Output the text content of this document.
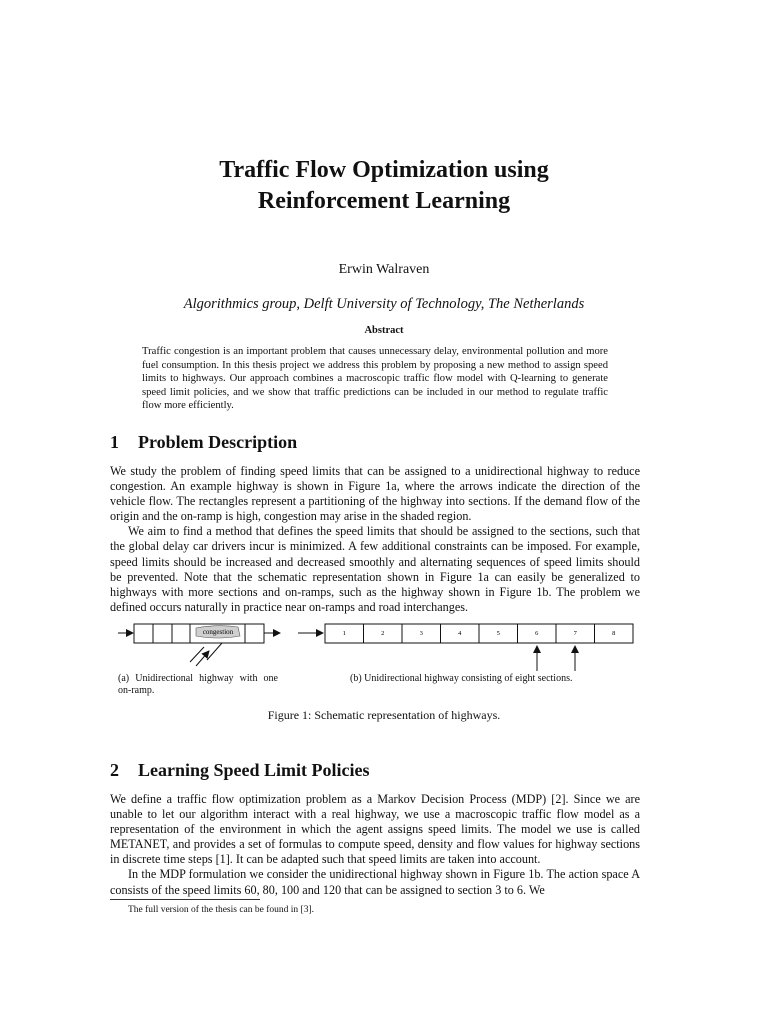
Traffic Flow Optimization using
Reinforcement Learning
Erwin Walraven
Algorithmics group, Delft University of Technology, The Netherlands
Abstract
Traffic congestion is an important problem that causes unnecessary delay, environmental pollution and more fuel consumption. In this thesis project we address this problem by proposing a new method to assign speed limits to highways. Our approach combines a macroscopic traffic flow model with Q-learning to generate speed limit policies, and we show that traffic predictions can be included in our method to regulate traffic flow more efficiently.
1 Problem Description

We study the problem of finding speed limits that can be assigned to a unidirectional highway to reduce congestion. An example highway is shown in Figure 1a, where the arrows indicate the direction of the vehicle flow. The rectangles represent a partitioning of the highway into sections. If the demand flow of the origin and the on-ramp is high, congestion may arise in the shaded region.

We aim to find a method that defines the speed limits that should be assigned to the sections, such that the global delay car drivers incur is minimized. A few additional constraints can be imposed. For example, speed limits should be increased and decreased smoothly and alternating sequences of speed limits should be prevented. Note that the schematic representation shown in Figure 1a can easily be generalized to highways with more sections and on-ramps, such as the highway shown in Figure 1b. The problem we defined occurs naturally in practice near on-ramps and road interchanges.

congestion	1	2	3	4	5	6	7	8
(a) Unidirectional highway with one on-ramp.
(b) Unidirectional highway consisting of eight sections.
Figure 1: Schematic representation of highways.
2 Learning Speed Limit Policies

We define a traffic flow optimization problem as a Markov Decision Process (MDP) [2]. Since we are unable to let our algorithm interact with a real highway, we use a macroscopic traffic flow model as a representation of the environment in which the agent assigns speed limits. The model we use is called METANET, and provides a set of formulas to compute speed, density and flow values for highway sections in discrete time steps [1]. It can be adapted such that speed limits are taken into account.

In the MDP formulation we consider the unidirectional highway shown in Figure 1b. The action space A consists of the speed limits 60, 80, 100 and 120 that can be assigned to section 3 to 6. We

The full version of the thesis can be found in [3].
